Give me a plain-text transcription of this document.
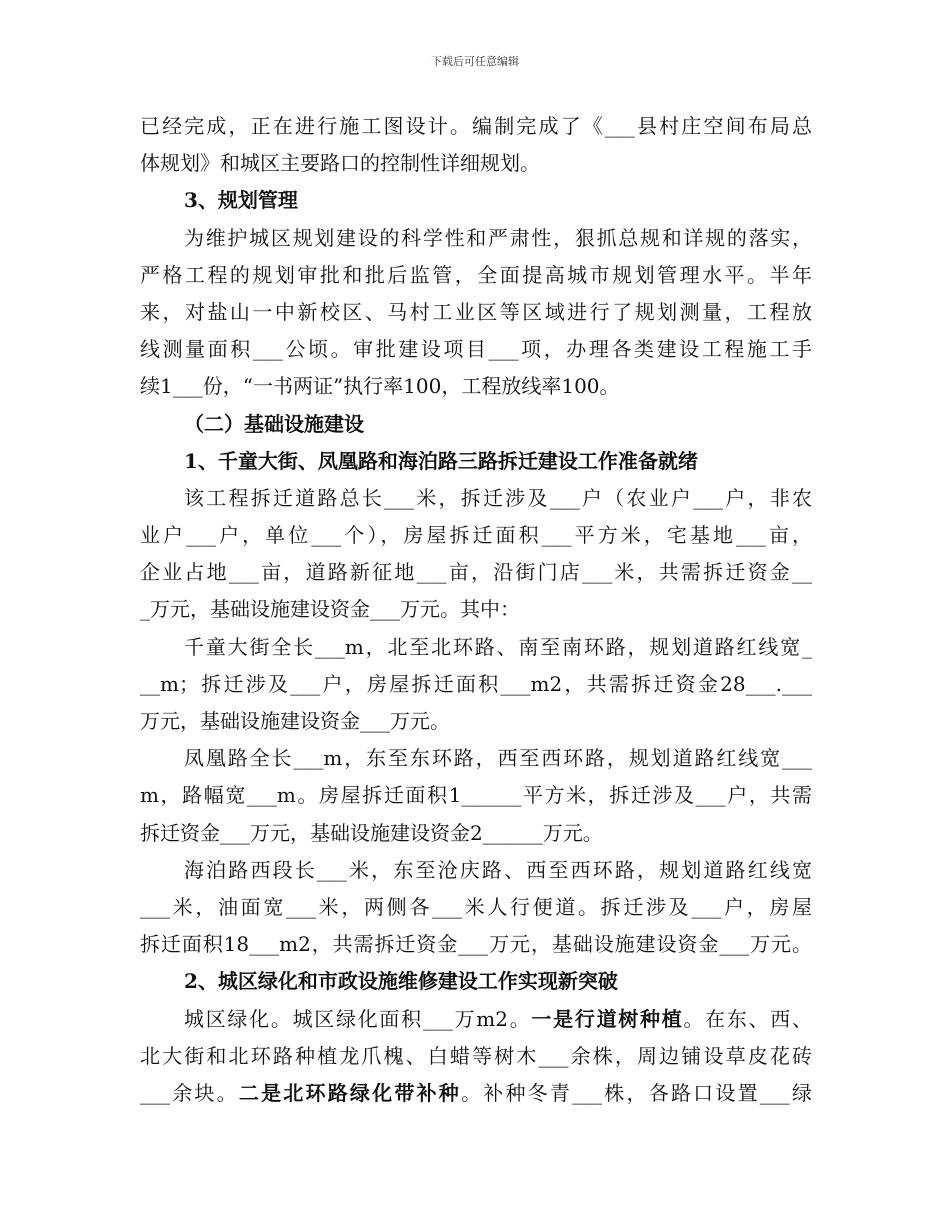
下载后可任意编辑
已经完成，正在进行施工图设计。编制完成了《___县村庄空间布局总
体规划》和城区主要路口的控制性详细规划。
3、规划管理
为维护城区规划建设的科学性和严肃性，狠抓总规和详规的落实，
严格工程的规划审批和批后监管，全面提高城市规划管理水平。半年
来，对盐山一中新校区、马村工业区等区域进行了规划测量，工程放
线测量面积___公顷。审批建设项目___项，办理各类建设工程施工手
续1___份，“一书两证”执行率100，工程放线率100。
（二）基础设施建设
1、千童大街、凤凰路和海泊路三路拆迁建设工作准备就绪
该工程拆迁道路总长___米，拆迁涉及___户（农业户___户，非农
业户___户，单位___个），房屋拆迁面积___平方米，宅基地___亩，
企业占地___亩，道路新征地___亩，沿街门店___米，共需拆迁资金__
_万元，基础设施建设资金___万元。其中：
千童大街全长___m，北至北环路、南至南环路，规划道路红线宽_
__m；拆迁涉及___户，房屋拆迁面积___m2，共需拆迁资金28___.___
万元，基础设施建设资金___万元。
凤凰路全长___m，东至东环路，西至西环路，规划道路红线宽___
m，路幅宽___m。房屋拆迁面积1______平方米，拆迁涉及___户，共需
拆迁资金___万元，基础设施建设资金2______万元。
海泊路西段长___米，东至沧庆路、西至西环路，规划道路红线宽
___米，油面宽___米，两侧各___米人行便道。拆迁涉及___户，房屋
拆迁面积18___m2，共需拆迁资金___万元，基础设施建设资金___万元。
2、城区绿化和市政设施维修建设工作实现新突破
城区绿化。城区绿化面积___万m2。一是行道树种植。在东、西、
北大街和北环路种植龙爪槐、白蜡等树木___余株，周边铺设草皮花砖
___余块。二是北环路绿化带补种。补种冬青___株，各路口设置___绿
